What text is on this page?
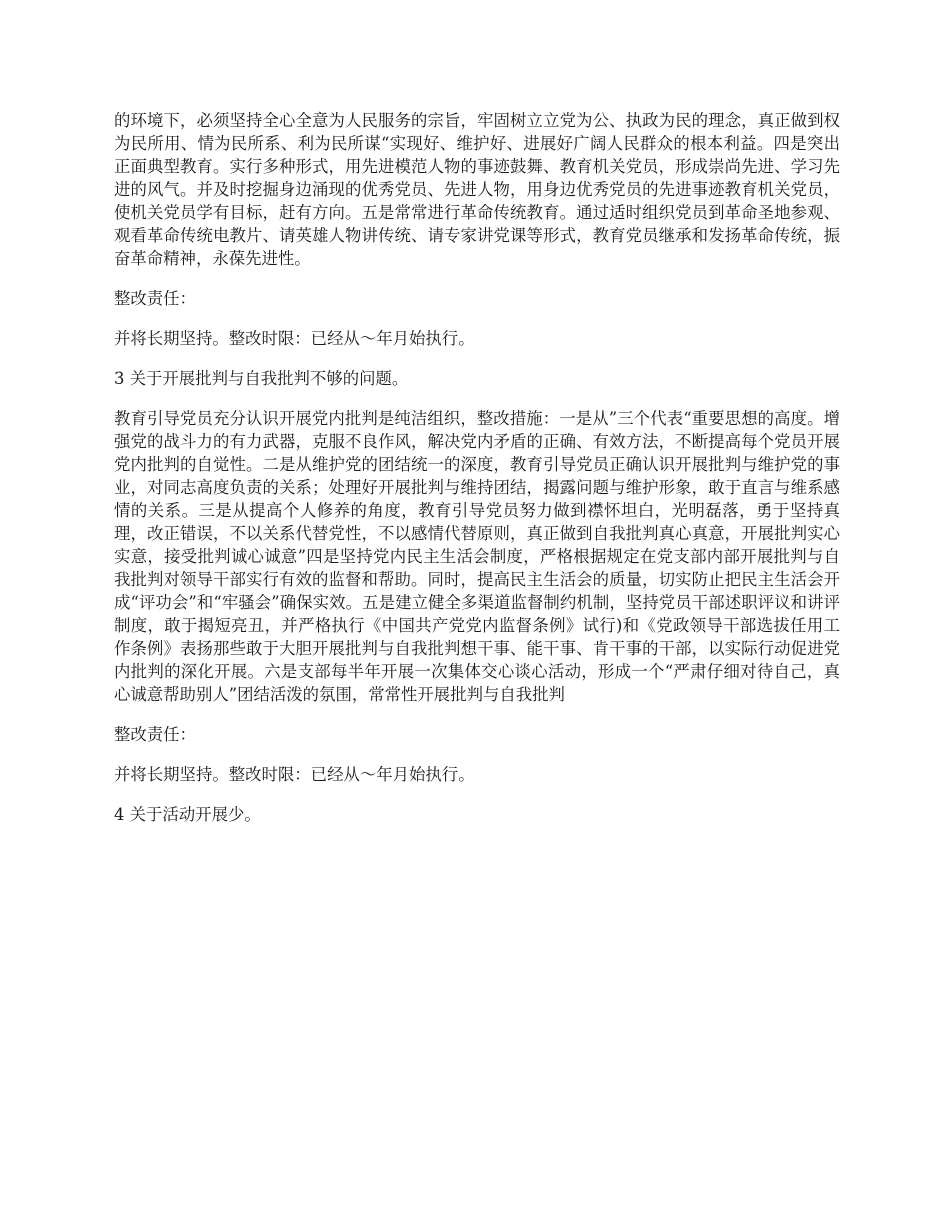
的环境下，必须坚持全心全意为人民服务的宗旨，牢固树立立党为公、执政为民的理念，真正做到权为民所用、情为民所系、利为民所谋“实现好、维护好、进展好广阔人民群众的根本利益。四是突出正面典型教育。实行多种形式，用先进模范人物的事迹鼓舞、教育机关党员，形成崇尚先进、学习先进的风气。并及时挖掘身边涌现的优秀党员、先进人物，用身边优秀党员的先进事迹教育机关党员，使机关党员学有目标，赶有方向。五是常常进行革命传统教育。通过适时组织党员到革命圣地参观、观看革命传统电教片、请英雄人物讲传统、请专家讲党课等形式，教育党员继承和发扬革命传统，振奋革命精神，永葆先进性。

整改责任：

并将长期坚持。整改时限：已经从～年月始执行。

3 关于开展批判与自我批判不够的问题。

教育引导党员充分认识开展党内批判是纯洁组织，整改措施：一是从”三个代表“重要思想的高度。增强党的战斗力的有力武器，克服不良作风，解决党内矛盾的正确、有效方法，不断提高每个党员开展党内批判的自觉性。二是从维护党的团结统一的深度，教育引导党员正确认识开展批判与维护党的事业，对同志高度负责的关系；处理好开展批判与维持团结，揭露问题与维护形象，敢于直言与维系感情的关系。三是从提高个人修养的角度，教育引导党员努力做到襟怀坦白，光明磊落，勇于坚持真理，改正错误，不以关系代替党性，不以感情代替原则，真正做到自我批判真心真意，开展批判实心实意，接受批判诚心诚意”四是坚持党内民主生活会制度，严格根据规定在党支部内部开展批判与自我批判对领导干部实行有效的监督和帮助。同时，提高民主生活会的质量，切实防止把民主生活会开成“评功会”和“牢骚会”确保实效。五是建立健全多渠道监督制约机制，坚持党员干部述职评议和讲评制度，敢于揭短亮丑，并严格执行《中国共产党党内监督条例》试行)和《党政领导干部选拔任用工作条例》表扬那些敢于大胆开展批判与自我批判想干事、能干事、肯干事的干部，以实际行动促进党内批判的深化开展。六是支部每半年开展一次集体交心谈心活动，形成一个“严肃仔细对待自己，真心诚意帮助别人”团结活泼的氛围，常常性开展批判与自我批判

整改责任：

并将长期坚持。整改时限：已经从～年月始执行。

4 关于活动开展少。
